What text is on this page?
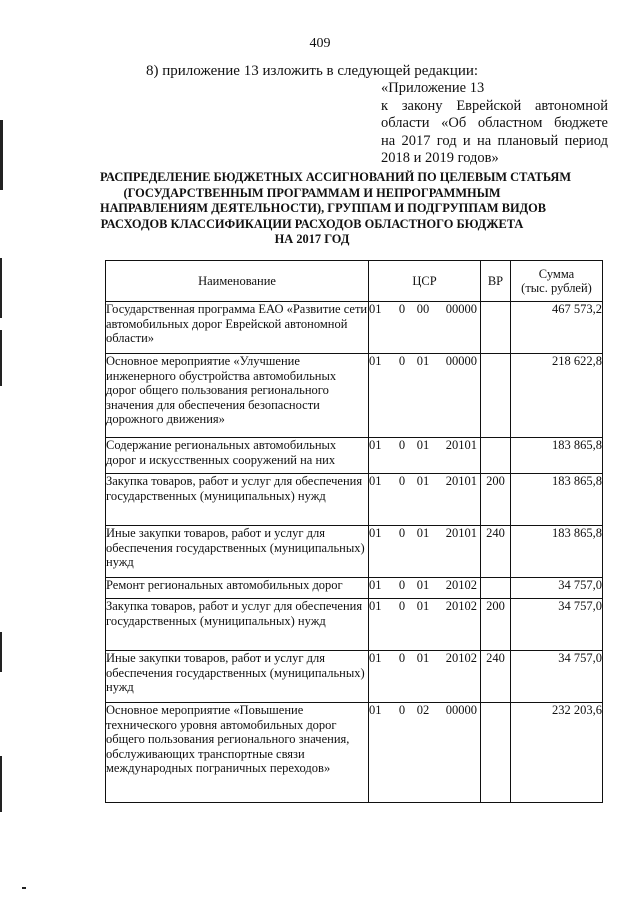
409
8) приложение 13 изложить в следующей редакции:
«Приложение 13
к закону Еврейской автономной
области «Об областном бюджете
на 2017 год и на плановый период
2018 и 2019 годов»
РАСПРЕДЕЛЕНИЕ БЮДЖЕТНЫХ АССИГНОВАНИЙ ПО ЦЕЛЕВЫМ СТАТЬЯМ
(ГОСУДАРСТВЕННЫМ ПРОГРАММАМ И НЕПРОГРАММНЫМ
НАПРАВЛЕНИЯМ ДЕЯТЕЛЬНОСТИ), ГРУППАМ И ПОДГРУППАМ ВИДОВ
РАСХОДОВ КЛАССИФИКАЦИИ РАСХОДОВ ОБЛАСТНОГО БЮДЖЕТА
НА 2017 ГОД
Наименование	ЦСР	ВР	Сумма
(тыс. рублей)

Государственная программа ЕАО «Развитие сети автомобильных дорог Еврейской автономной области»	01 0 00 00000		467 573,2
Основное мероприятие «Улучшение инженерного обустройства автомобильных дорог общего пользования регионального значения для обеспечения безопасности дорожного движения»	01 0 01 00000		218 622,8
Содержание региональных автомобильных дорог и искусственных сооружений на них	01 0 01 20101		183 865,8
Закупка товаров, работ и услуг для обеспечения государственных (муниципальных) нужд	01 0 01 20101	200	183 865,8
Иные закупки товаров, работ и услуг для обеспечения государственных (муниципальных) нужд	01 0 01 20101	240	183 865,8
Ремонт региональных автомобильных дорог	01 0 01 20102		34 757,0
Закупка товаров, работ и услуг для обеспечения государственных (муниципальных) нужд	01 0 01 20102	200	34 757,0
Иные закупки товаров, работ и услуг для обеспечения государственных (муниципальных) нужд	01 0 01 20102	240	34 757,0
Основное мероприятие «Повышение технического уровня автомобильных дорог общего пользования регионального значения, обслуживающих транспортные связи международных пограничных переходов»	01 0 02 00000		232 203,6
